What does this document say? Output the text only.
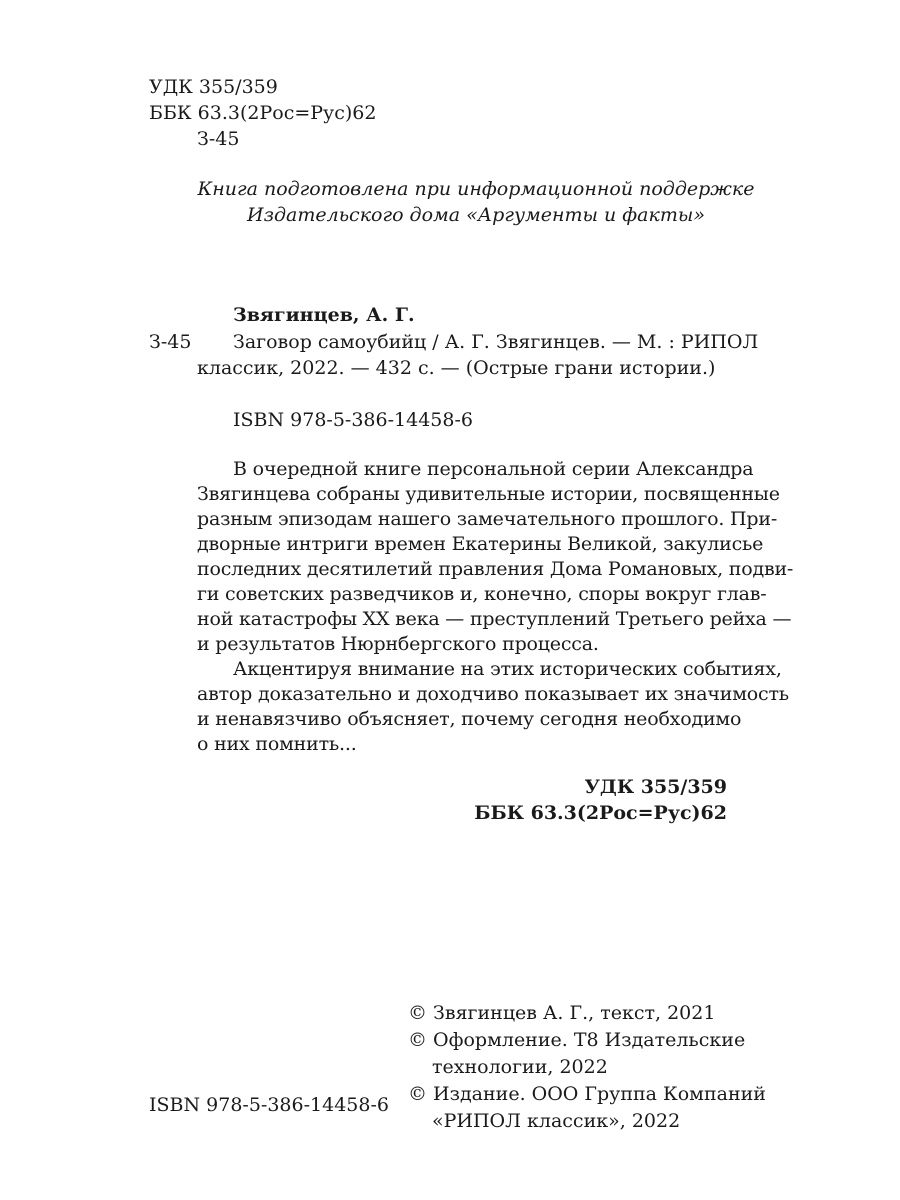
УДК 355/359
ББК 63.3(2Рос=Рус)62
З-45
Книга подготовлена при информационной поддержке
Издательского дома «Аргументы и факты»
Звягинцев, А. Г.
З-45 Заговор самоубийц / А. Г. Звягинцев. — М. : РИПОЛ
классик, 2022. — 432 с. — (Острые грани истории.)
ISBN 978-5-386-14458-6
В очередной книге персональной серии Александра
Звягинцева собраны удивительные истории, посвященные
разным эпизодам нашего замечательного прошлого. При-
дворные интриги времен Екатерины Великой, закулисье
последних десятилетий правления Дома Романовых, подви-
ги советских разведчиков и, конечно, споры вокруг глав-
ной катастрофы XX века — преступлений Третьего рейха —
и результатов Нюрнбергского процесса.
Акцентируя внимание на этих исторических событиях,
автор доказательно и доходчиво показывает их значимость
и ненавязчиво объясняет, почему сегодня необходимо
о них помнить...
УДК 355/359
ББК 63.3(2Рос=Рус)62
© Звягинцев А. Г., текст, 2021
© Оформление. Т8 Издательские
технологии, 2022
© Издание. ООО Группа Компаний
«РИПОЛ классик», 2022
ISBN 978-5-386-14458-6
